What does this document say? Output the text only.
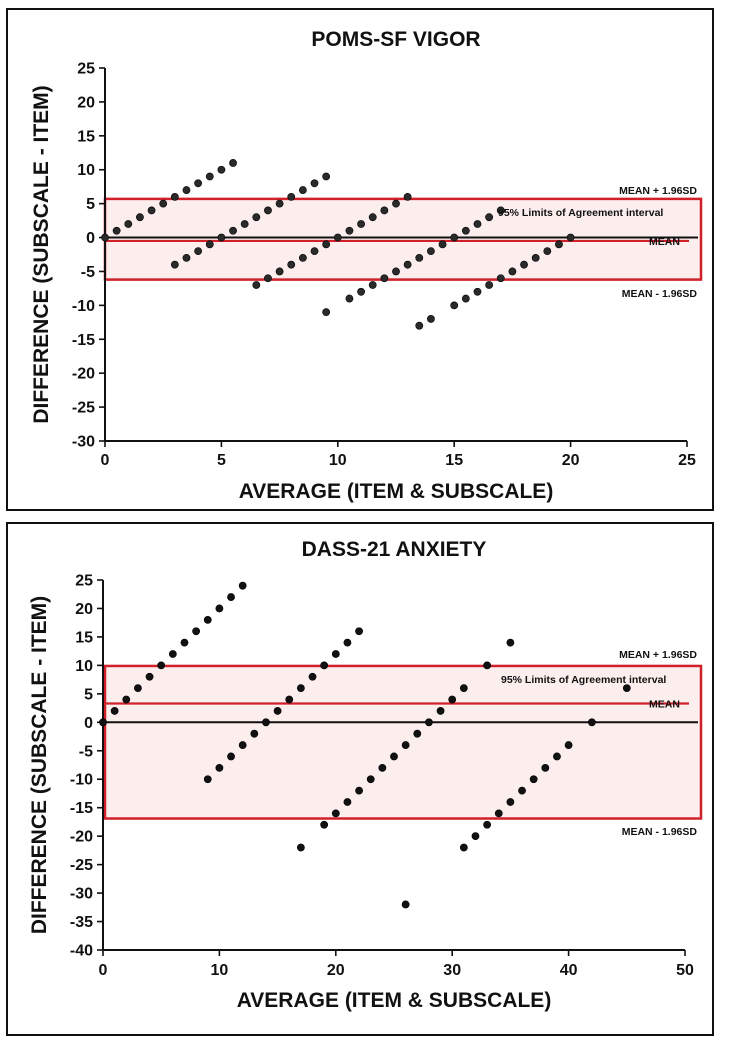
25
20
15
10
5
0
-5
-10
-15
-20
-25
-30
0	5	10	15	20	25
POMS-SF VIGOR
AVERAGE (ITEM & SUBSCALE)
DIFFERENCE (SUBSCALE - ITEM)	MEAN + 1.96SD
MEAN - 1.96SD
MEAN
95% Limits of Agreement interval
25
20
15
10
5
0
-5
-10
-15
-20
-25
-30
-35
-40
0	10	20	30	40	50
DASS-21 ANXIETY
AVERAGE (ITEM & SUBSCALE)
DIFFERENCE (SUBSCALE - ITEM)	MEAN + 1.96SD
MEAN - 1.96SD
MEAN
95% Limits of Agreement interval
